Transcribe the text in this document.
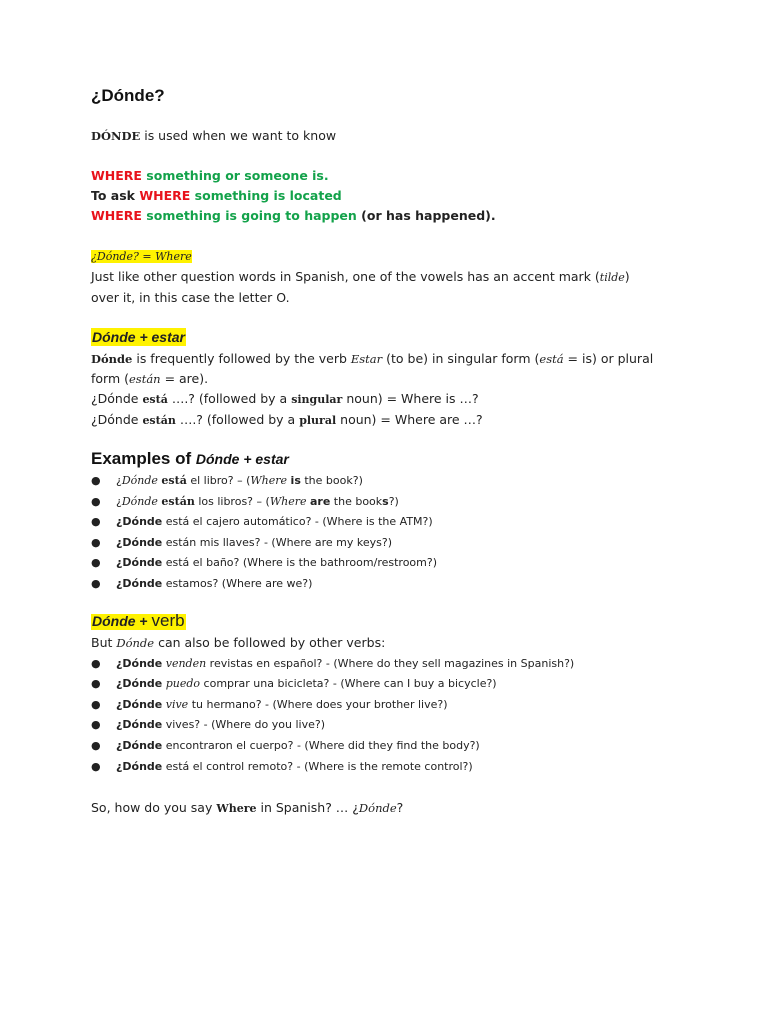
¿Dónde?

DÓNDE is used when we want to know

WHERE something or someone is.

To ask WHERE something is located

WHERE something is going to happen (or has happened).

¿Dónde? = Where

Just like other question words in Spanish, one of the vowels has an accent mark (tilde)

over it, in this case the letter O.

Dónde + estar

Dónde is frequently followed by the verb Estar (to be) in singular form (está = is) or plural

form (están = are).

¿Dónde está ….? (followed by a singular noun) = Where is …?

¿Dónde están ….? (followed by a plural noun) = Where are …?

Examples of Dónde + estar
● ¿Dónde está el libro? – (Where is the book?)
● ¿Dónde están los libros? – (Where are the books?)
● ¿Dónde está el cajero automático? - (Where is the ATM?)
● ¿Dónde están mis llaves? - (Where are my keys?)
● ¿Dónde está el baño? (Where is the bathroom/restroom?)
● ¿Dónde estamos? (Where are we?)

Dónde + verb

But Dónde can also be followed by other verbs:

● ¿Dónde venden revistas en español? - (Where do they sell magazines in Spanish?)
● ¿Dónde puedo comprar una bicicleta? - (Where can I buy a bicycle?)
● ¿Dónde vive tu hermano? - (Where does your brother live?)
● ¿Dónde vives? - (Where do you live?)
● ¿Dónde encontraron el cuerpo? - (Where did they find the body?)
● ¿Dónde está el control remoto? - (Where is the remote control?)

So, how do you say Where in Spanish? … ¿Dónde?
